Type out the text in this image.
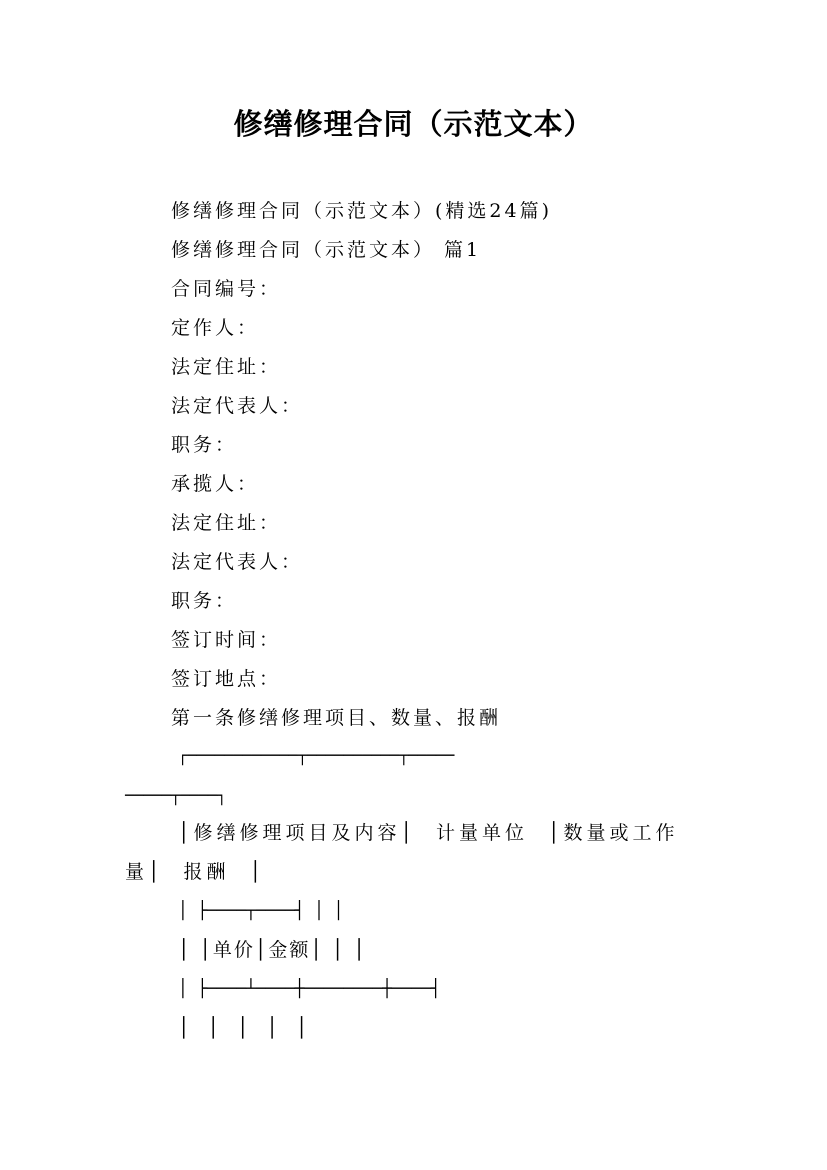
修缮修理合同（示范文本）
修缮修理合同（示范文本）(精选24篇)
修缮修理合同（示范文本） 篇1
合同编号：
定作人：
法定住址：
法定代表人：
职务：
承揽人：
法定住址：
法定代表人：
职务：
签订时间：
签订地点：
第一条修缮修理项目、数量、报酬
┌────────────┬──────────┬─────
─────┬────┐
│修缮修理项目及内容│  计量单位  │数量或工作
量│  报酬  │
│ ├────┬────┤ │ │
│ │单价│金额│ │ │
│ ├────┴────┼────────┼────┤
│ │ │ │ │
